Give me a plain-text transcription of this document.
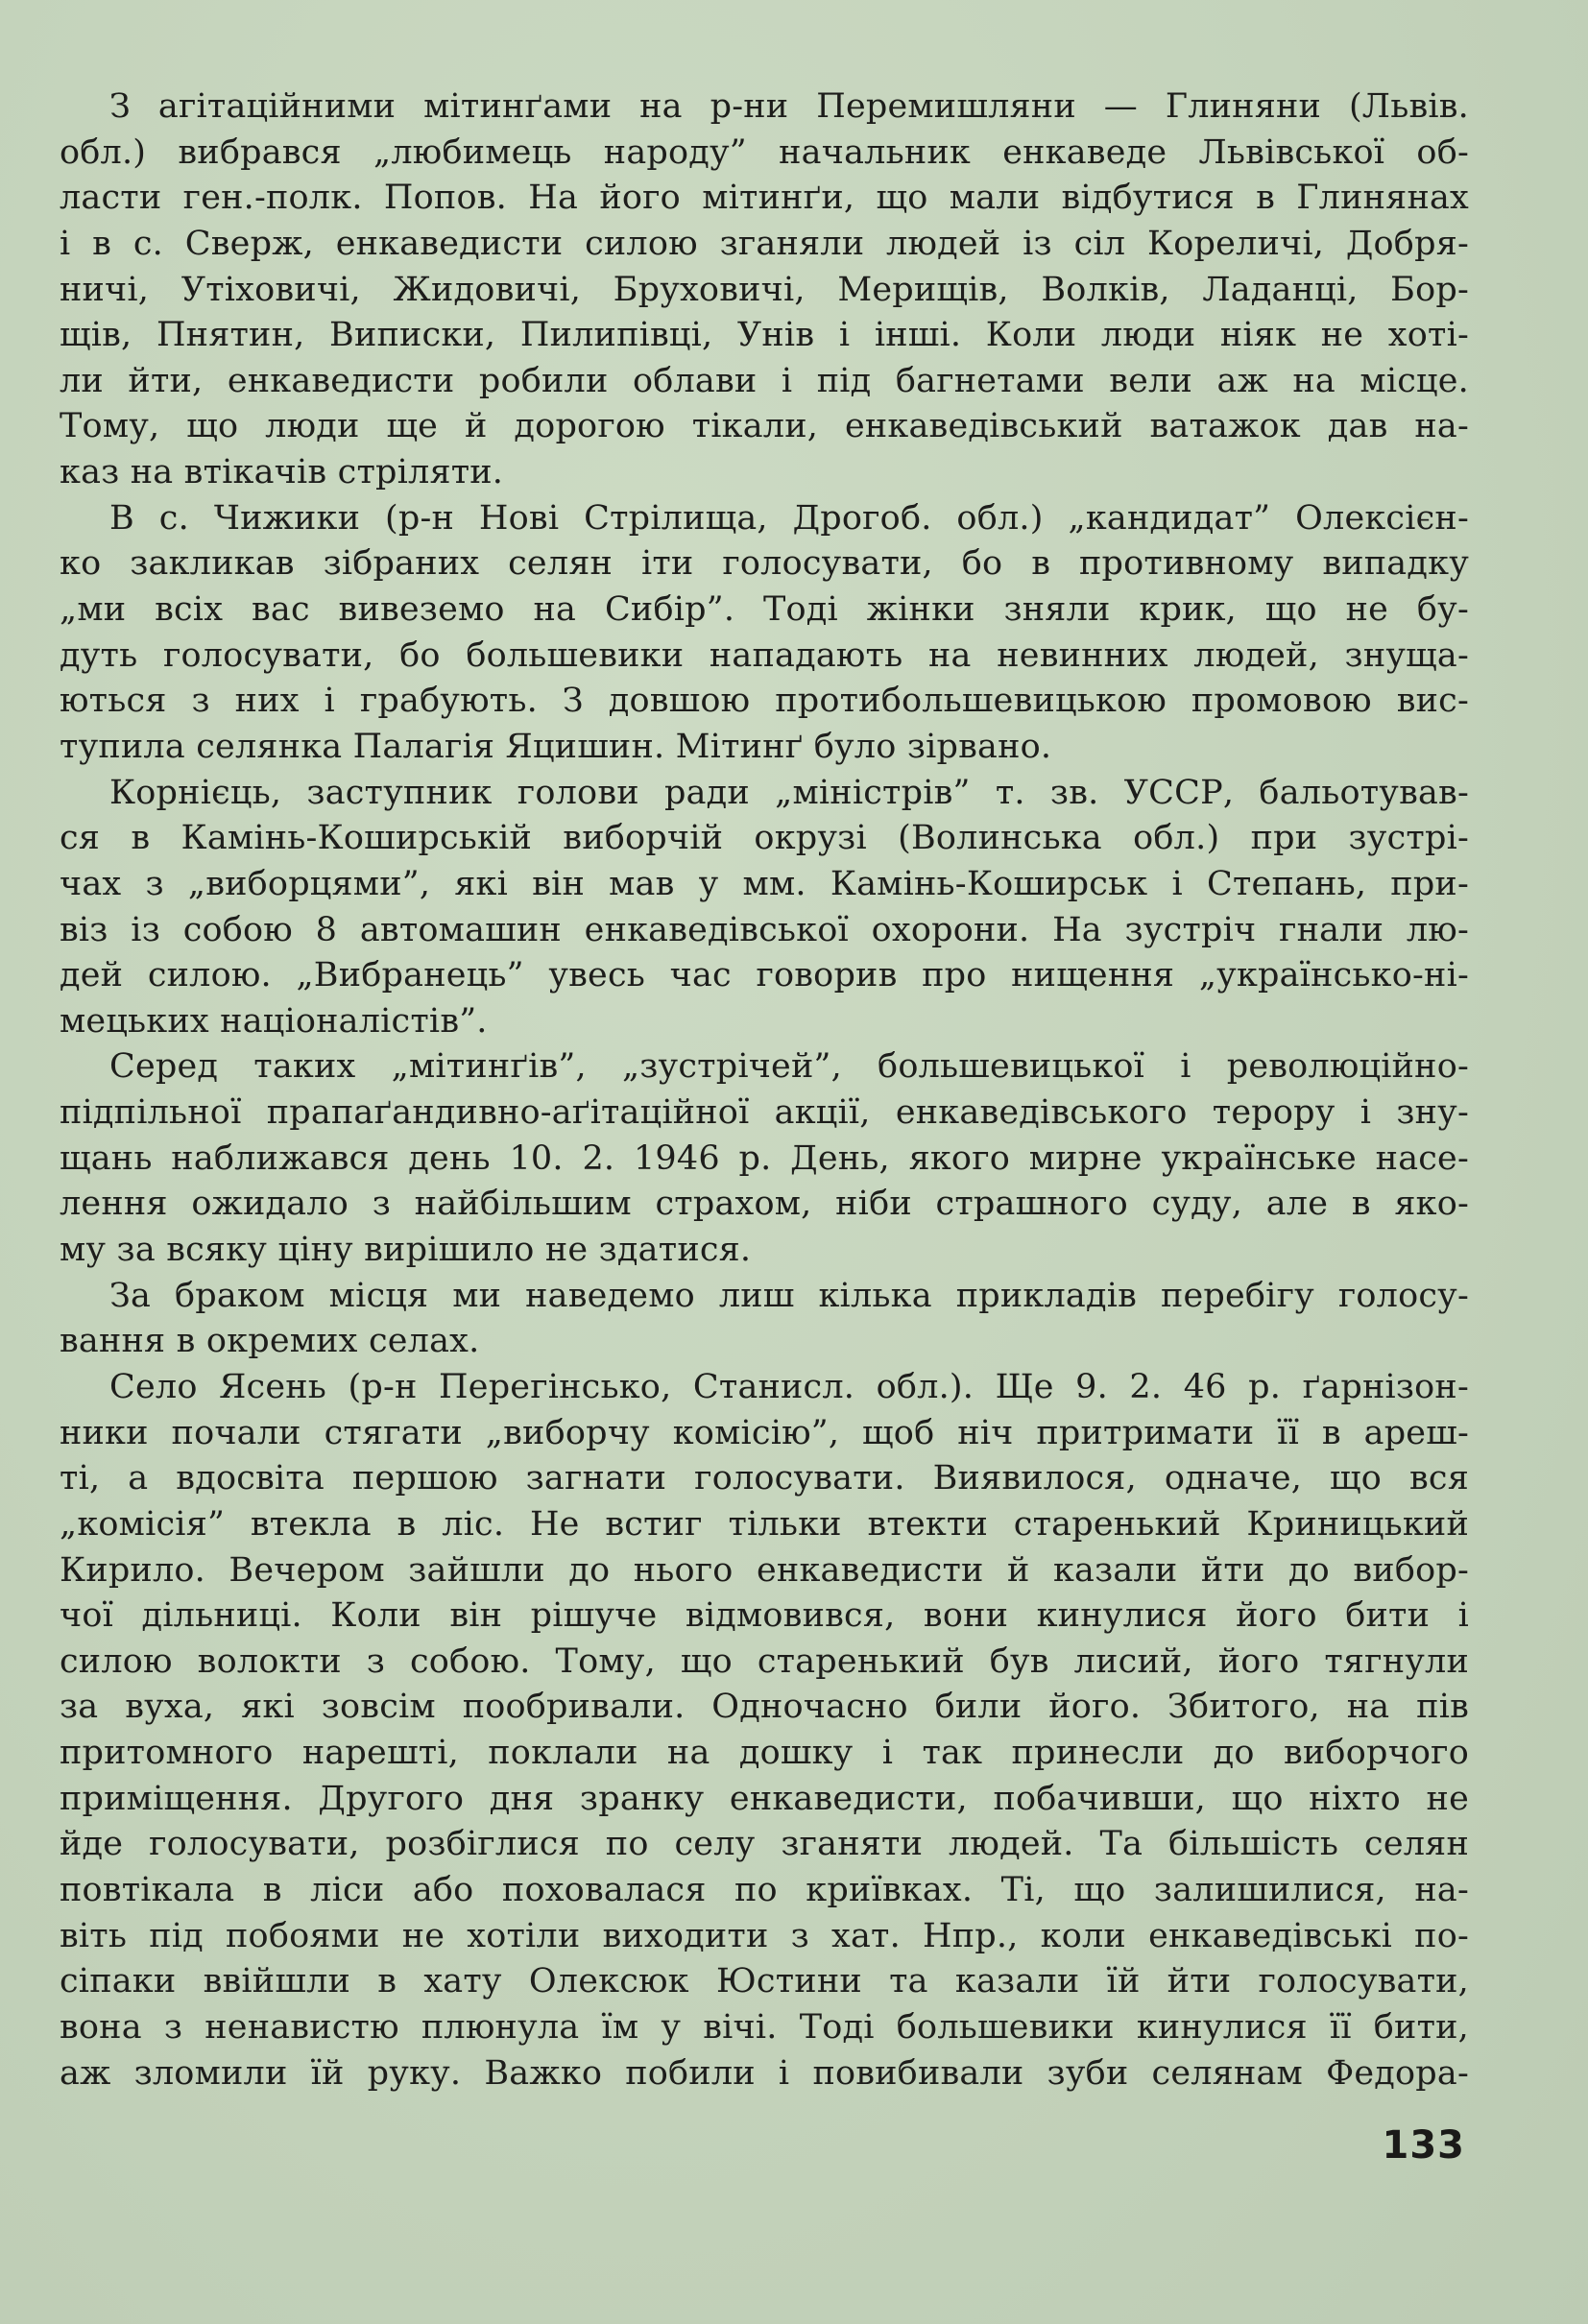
З агітаційними мітинґами на р-ни Перемишляни — Глиняни (Львів.
обл.) вибрався „любимець народу” начальник енкаведе Львівської об-
ласти ген.-полк. Попов. На його мітинґи, що мали відбутися в Глинянах
і в с. Сверж, енкаведисти силою зганяли людей із сіл Кореличі, Добря-
ничі, Утіховичі, Жидовичі, Бруховичі, Мерищів, Волків, Ладанці, Бор-
щів, Пнятин, Виписки, Пилипівці, Унів і інші. Коли люди ніяк не хоті-
ли йти, енкаведисти робили облави і під багнетами вели аж на місце.
Тому, що люди ще й дорогою тікали, енкаведівський ватажок дав на-
каз на втікачів стріляти.
В с. Чижики (р-н Нові Стрілища, Дрогоб. обл.) „кандидат” Олексієн-
ко закликав зібраних селян іти голосувати, бо в противному випадку
„ми всіх вас вивеземо на Сибір”. Тоді жінки зняли крик, що не бу-
дуть голосувати, бо большевики нападають на невинних людей, знуща-
ються з них і грабують. З довшою протибольшевицькою промовою вис-
тупила селянка Палагія Яцишин. Мітинґ було зірвано.
Корнієць, заступник голови ради „міністрів” т. зв. УССР, бальотував-
ся в Камінь-Коширській виборчій окрузі (Волинська обл.) при зустрі-
чах з „виборцями”, які він мав у мм. Камінь-Коширськ і Степань, при-
віз із собою 8 автомашин енкаведівської охорони. На зустріч гнали лю-
дей силою. „Вибранець” увесь час говорив про нищення „українсько-ні-
мецьких націоналістів”.
Серед таких „мітинґів”, „зустрічей”, большевицької і революційно-
підпільної прапаґандивно-аґітаційної акції, енкаведівського терору і зну-
щань наближався день 10. 2. 1946 р. День, якого мирне українське насе-
лення ожидало з найбільшим страхом, ніби страшного суду, але в яко-
му за всяку ціну вирішило не здатися.
За браком місця ми наведемо лиш кілька прикладів перебігу голосу-
вання в окремих селах.
Село Ясень (р-н Перегінсько, Станисл. обл.). Ще 9. 2. 46 р. ґарнізон-
ники почали стягати „виборчу комісію”, щоб ніч притримати її в ареш-
ті, а вдосвіта першою загнати голосувати. Виявилося, одначе, що вся
„комісія” втекла в ліс. Не встиг тільки втекти старенький Криницький
Кирило. Вечером зайшли до нього енкаведисти й казали йти до вибор-
чої дільниці. Коли він рішуче відмовився, вони кинулися його бити і
силою волокти з собою. Тому, що старенький був лисий, його тягнули
за вуха, які зовсім пообривали. Одночасно били його. Збитого, на пів
притомного нарешті, поклали на дошку і так принесли до виборчого
приміщення. Другого дня зранку енкаведисти, побачивши, що ніхто не
йде голосувати, розбіглися по селу зганяти людей. Та більшість селян
повтікала в ліси або поховалася по криївках. Ті, що залишилися, на-
віть під побоями не хотіли виходити з хат. Нпр., коли енкаведівські по-
сіпаки ввійшли в хату Олексюк Юстини та казали їй йти голосувати,
вона з ненавистю плюнула їм у вічі. Тоді большевики кинулися її бити,
аж зломили їй руку. Важко побили і повибивали зуби селянам Федора-
133
